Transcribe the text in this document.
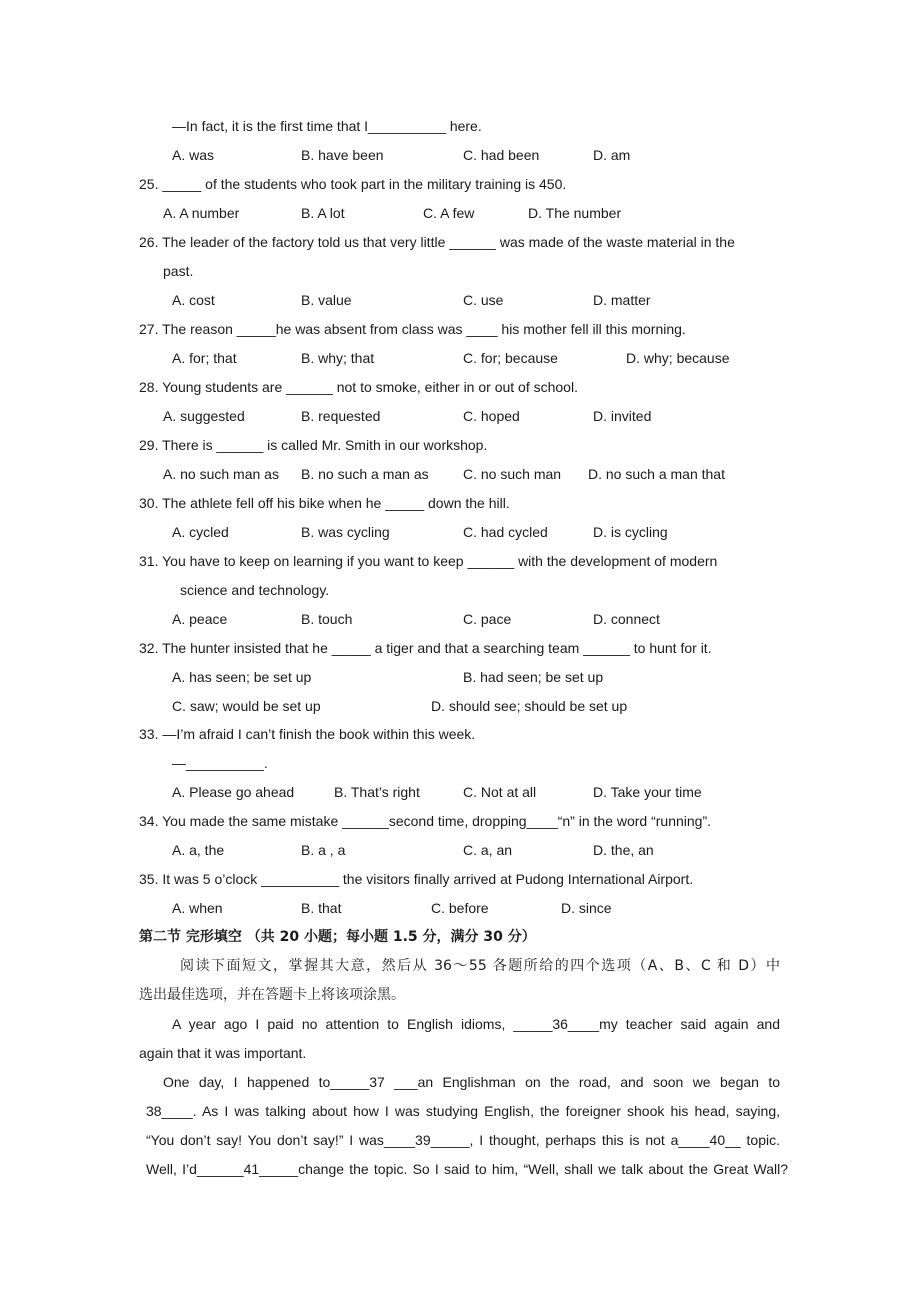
—In fact, it is the first time that I__________ here.
A. was	B. have been	C. had been	D. am
25. _____ of the students who took part in the military training is 450.
A. A number	B. A lot	C. A few	D. The number
26. The leader of the factory told us that very little ______ was made of the waste material in the
past.
A. cost	B. value	C. use	D. matter
27. The reason _____he was absent from class was ____ his mother fell ill this morning.
A. for; that	B. why; that	C. for; because	D. why; because
28. Young students are ______ not to smoke, either in or out of school.
A. suggested	B. requested	C. hoped	D. invited
29. There is ______ is called Mr. Smith in our workshop.
A. no such man as B. no such a man as C. no such man D. no such a man that
30. The athlete fell off his bike when he _____ down the hill.
A. cycled	B. was cycling	C. had cycled	D. is cycling
31. You have to keep on learning if you want to keep ______ with the development of modern
science and technology.
A. peace	B. touch	C. pace	D. connect
32. The hunter insisted that he _____ a tiger and that a searching team ______ to hunt for it.
A. has seen; be set up	B. had seen; be set up
C. saw; would be set up	D. should see; should be set up
33. —I’m afraid I can’t finish the book within this week.
—__________.
A. Please go ahead	B. That’s right	C. Not at all	D. Take your time
34. You made the same mistake ______second time, dropping____“n” in the word “running”.
A. a, the	B. a , a	C. a, an	D. the, an
35. It was 5 o’clock __________ the visitors finally arrived at Pudong International Airport.
A. when	B. that	C. before	D. since
第二节 完形填空 （共 20 小题；每小题 1.5 分，满分 30 分）
阅读下面短文，掌握其大意，然后从 36～55 各题所给的四个选项（A、B、C 和 D）中
选出最佳选项，并在答题卡上将该项涂黑。
A year ago I paid no attention to English idioms, _____36____my teacher said again and
again that it was important.
One day, I happened to_____37 ___an Englishman on the road, and soon we began to
38____. As I was talking about how I was studying English, the foreigner shook his head, saying,
“You don’t say! You don’t say!” I was____39_____, I thought, perhaps this is not a____40__ topic.
Well, I’d______41_____change the topic. So I said to him, “Well, shall we talk about the Great Wall?
